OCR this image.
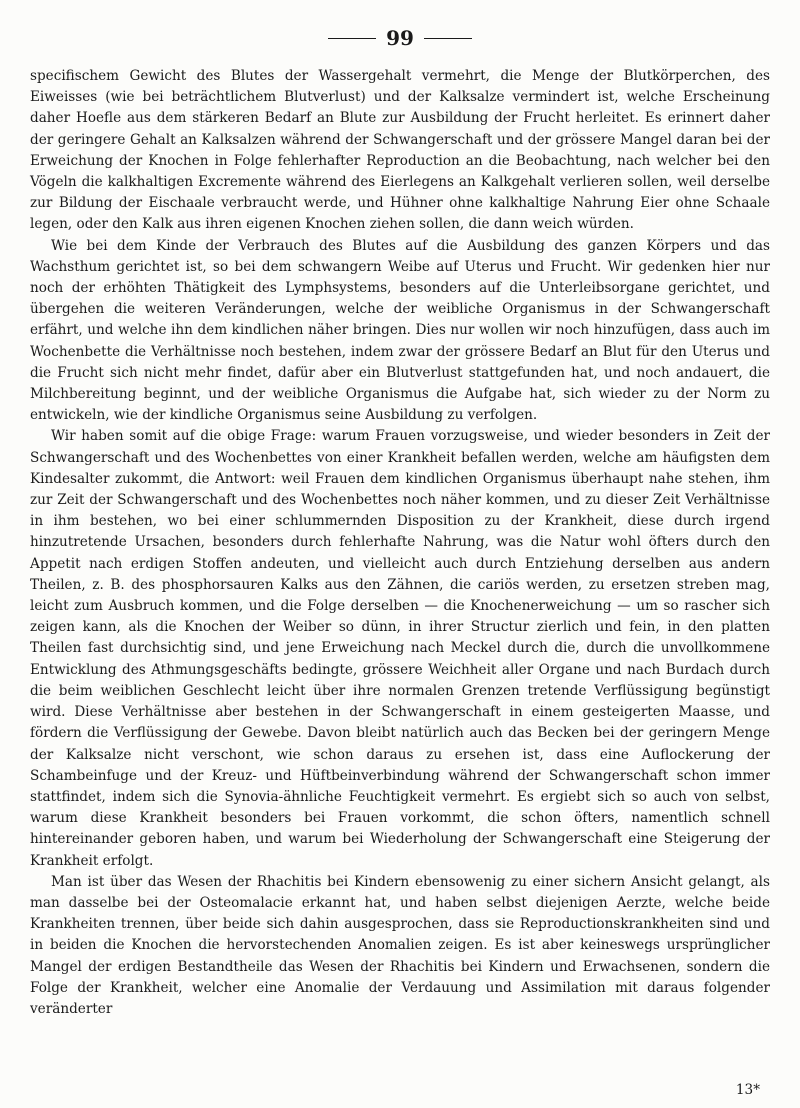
99

specifischem Gewicht des Blutes der Wassergehalt vermehrt, die Menge der Blutkörperchen, des Eiweisses (wie bei beträchtlichem Blutverlust) und der Kalksalze vermindert ist, welche Erscheinung daher Hoefle aus dem stärkeren Bedarf an Blute zur Ausbildung der Frucht herleitet. Es erinnert daher der geringere Gehalt an Kalksalzen während der Schwangerschaft und der grössere Mangel daran bei der Erweichung der Knochen in Folge fehlerhafter Reproduction an die Beobachtung, nach welcher bei den Vögeln die kalkhaltigen Excremente während des Eierlegens an Kalkgehalt verlieren sollen, weil derselbe zur Bildung der Eischaale verbraucht werde, und Hühner ohne kalkhaltige Nahrung Eier ohne Schaale legen, oder den Kalk aus ihren eigenen Knochen ziehen sollen, die dann weich würden.

Wie bei dem Kinde der Verbrauch des Blutes auf die Ausbildung des ganzen Körpers und das Wachsthum gerichtet ist, so bei dem schwangern Weibe auf Uterus und Frucht. Wir gedenken hier nur noch der erhöhten Thätigkeit des Lymphsystems, besonders auf die Unterleibsorgane gerichtet, und übergehen die weiteren Veränderungen, welche der weibliche Organismus in der Schwangerschaft erfährt, und welche ihn dem kindlichen näher bringen. Dies nur wollen wir noch hinzufügen, dass auch im Wochenbette die Verhältnisse noch bestehen, indem zwar der grössere Bedarf an Blut für den Uterus und die Frucht sich nicht mehr findet, dafür aber ein Blutverlust stattgefunden hat, und noch andauert, die Milchbereitung beginnt, und der weibliche Organismus die Aufgabe hat, sich wieder zu der Norm zu entwickeln, wie der kindliche Organismus seine Ausbildung zu verfolgen.

Wir haben somit auf die obige Frage: warum Frauen vorzugsweise, und wieder besonders in Zeit der Schwangerschaft und des Wochenbettes von einer Krankheit befallen werden, welche am häufigsten dem Kindesalter zukommt, die Antwort: weil Frauen dem kindlichen Organismus überhaupt nahe stehen, ihm zur Zeit der Schwangerschaft und des Wochenbettes noch näher kommen, und zu dieser Zeit Verhältnisse in ihm bestehen, wo bei einer schlummernden Disposition zu der Krankheit, diese durch irgend hinzutretende Ursachen, besonders durch fehlerhafte Nahrung, was die Natur wohl öfters durch den Appetit nach erdigen Stoffen andeuten, und vielleicht auch durch Entziehung derselben aus andern Theilen, z. B. des phosphorsauren Kalks aus den Zähnen, die cariös werden, zu ersetzen streben mag, leicht zum Ausbruch kommen, und die Folge derselben — die Knochenerweichung — um so rascher sich zeigen kann, als die Knochen der Weiber so dünn, in ihrer Structur zierlich und fein, in den platten Theilen fast durchsichtig sind, und jene Erweichung nach Meckel durch die, durch die unvollkommene Entwicklung des Athmungsgeschäfts bedingte, grössere Weichheit aller Organe und nach Burdach durch die beim weiblichen Geschlecht leicht über ihre normalen Grenzen tretende Verflüssigung begünstigt wird. Diese Verhältnisse aber bestehen in der Schwangerschaft in einem gesteigerten Maasse, und fördern die Verflüssigung der Gewebe. Davon bleibt natürlich auch das Becken bei der geringern Menge der Kalksalze nicht verschont, wie schon daraus zu ersehen ist, dass eine Auflockerung der Schambeinfuge und der Kreuz- und Hüftbeinverbindung während der Schwangerschaft schon immer stattfindet, indem sich die Synovia-ähnliche Feuchtigkeit vermehrt. Es ergiebt sich so auch von selbst, warum diese Krankheit besonders bei Frauen vorkommt, die schon öfters, namentlich schnell hintereinander geboren haben, und warum bei Wiederholung der Schwangerschaft eine Steigerung der Krankheit erfolgt.

Man ist über das Wesen der Rhachitis bei Kindern ebensowenig zu einer sichern Ansicht gelangt, als man dasselbe bei der Osteomalacie erkannt hat, und haben selbst diejenigen Aerzte, welche beide Krankheiten trennen, über beide sich dahin ausgesprochen, dass sie Reproductionskrankheiten sind und in beiden die Knochen die hervorstechenden Anomalien zeigen. Es ist aber keineswegs ursprünglicher Mangel der erdigen Bestandtheile das Wesen der Rhachitis bei Kindern und Erwachsenen, sondern die Folge der Krankheit, welcher eine Anomalie der Verdauung und Assimilation mit daraus folgender veränderter

13*
